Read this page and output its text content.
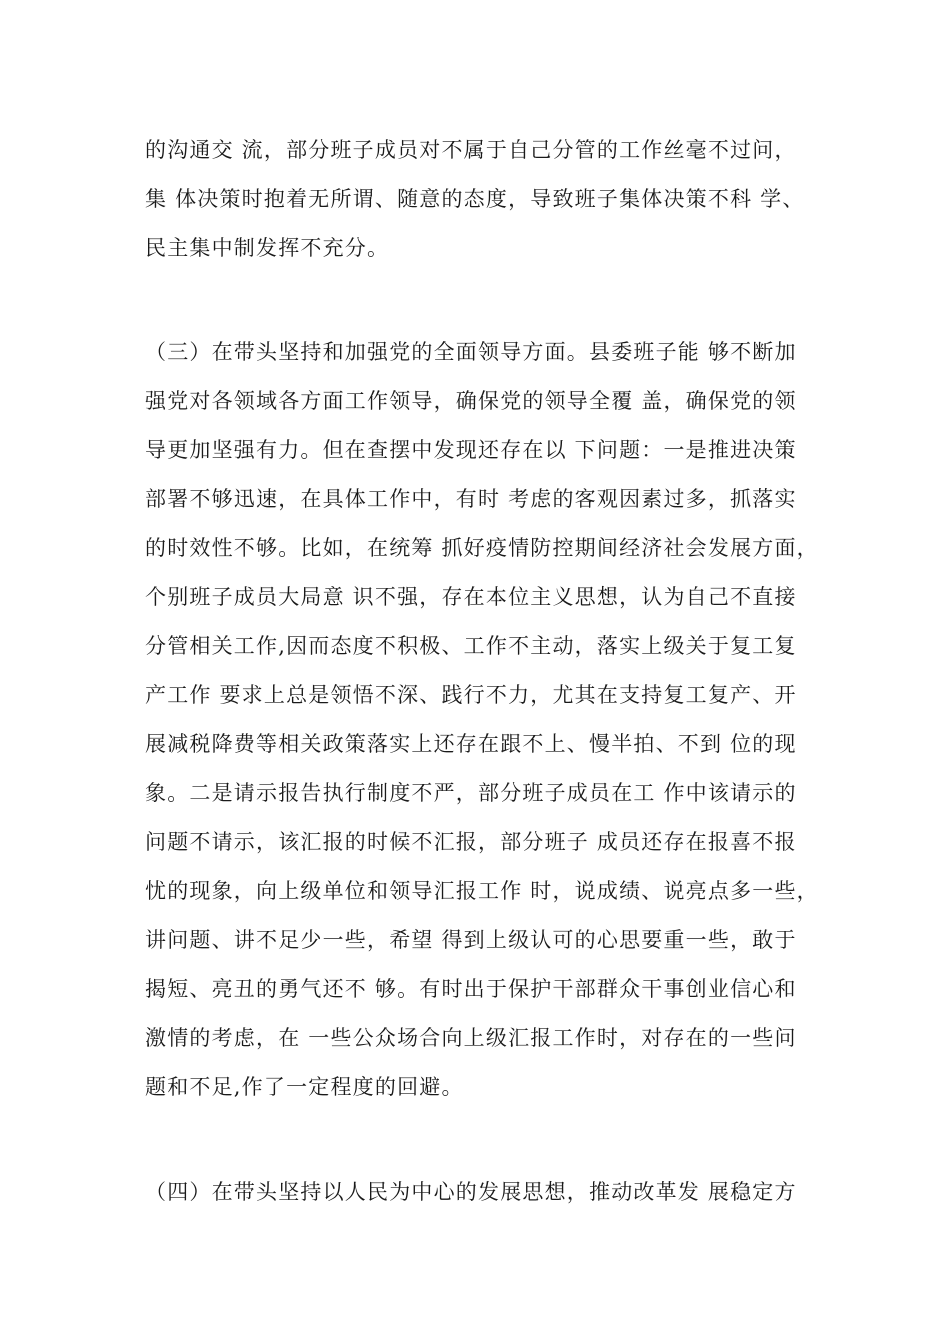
的沟通交 流，部分班子成员对不属于自己分管的工作丝毫不过问，
集 体决策时抱着无所谓、随意的态度，导致班子集体决策不科 学、
民主集中制发挥不充分。
（三）在带头坚持和加强党的全面领导方面。县委班子能 够不断加
强党对各领域各方面工作领导，确保党的领导全覆 盖，确保党的领
导更加坚强有力。但在查摆中发现还存在以 下问题：一是推进决策
部署不够迅速，在具体工作中，有时 考虑的客观因素过多，抓落实
的时效性不够。比如，在统筹 抓好疫情防控期间经济社会发展方面，
个别班子成员大局意 识不强，存在本位主义思想，认为自己不直接
分管相关工作,因而态度不积极、工作不主动，落实上级关于复工复
产工作 要求上总是领悟不深、践行不力，尤其在支持复工复产、开
展减税降费等相关政策落实上还存在跟不上、慢半拍、不到 位的现
象。二是请示报告执行制度不严，部分班子成员在工 作中该请示的
问题不请示，该汇报的时候不汇报，部分班子 成员还存在报喜不报
忧的现象，向上级单位和领导汇报工作 时，说成绩、说亮点多一些，
讲问题、讲不足少一些，希望 得到上级认可的心思要重一些，敢于
揭短、亮丑的勇气还不 够。有时出于保护干部群众干事创业信心和
激情的考虑，在 一些公众场合向上级汇报工作时，对存在的一些问
题和不足,作了一定程度的回避。
（四）在带头坚持以人民为中心的发展思想，推动改革发 展稳定方
